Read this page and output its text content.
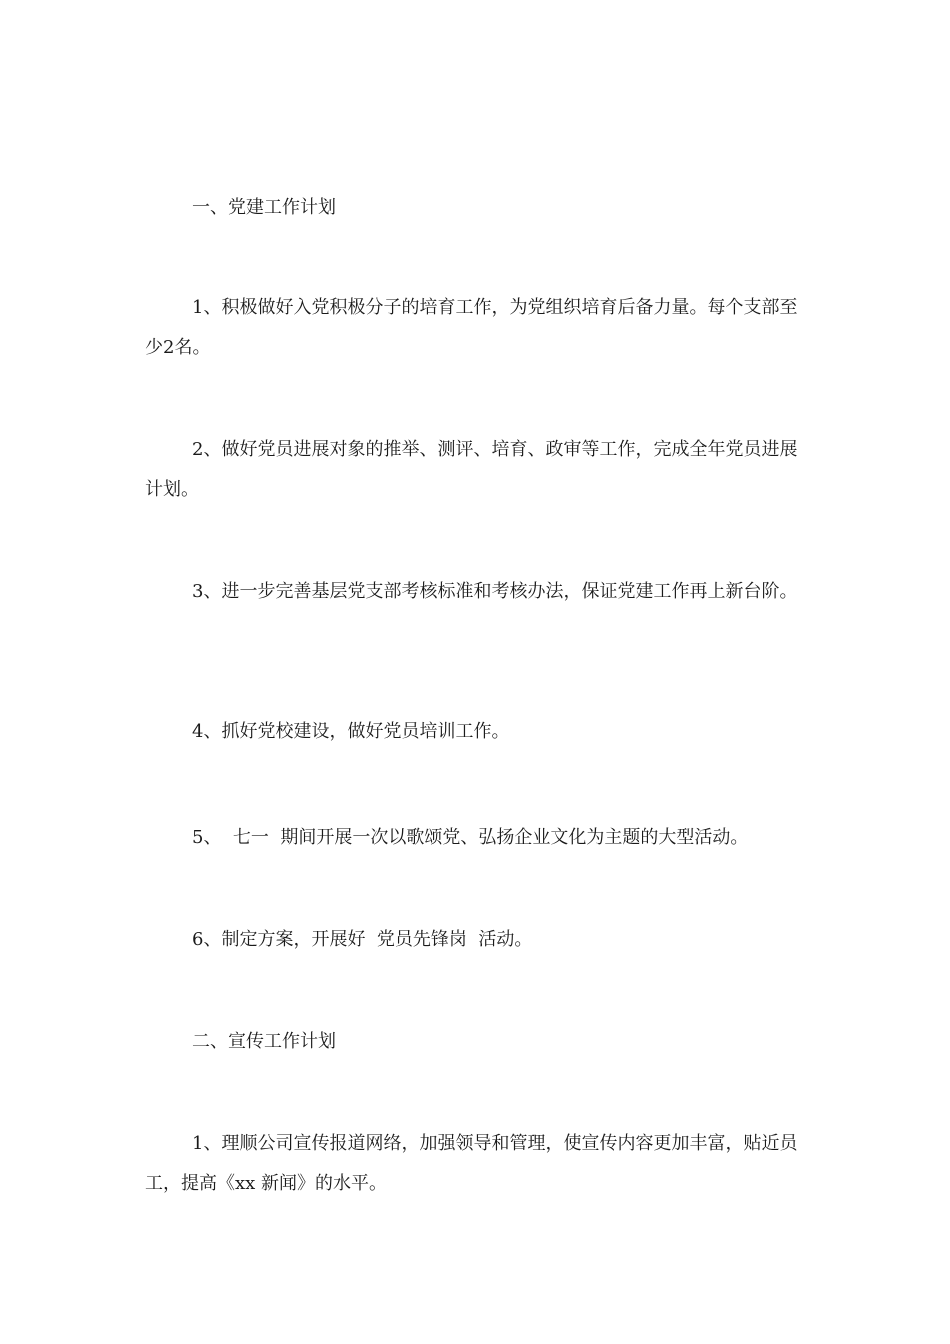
一、党建工作计划

1、积极做好入党积极分子的培育工作，为党组织培育后备力量。每个支部至少2名。

2、做好党员进展对象的推举、测评、培育、政审等工作，完成全年党员进展计划。

3、进一步完善基层党支部考核标准和考核办法，保证党建工作再上新台阶。

4、抓好党校建设，做好党员培训工作。

5、  七一  期间开展一次以歌颂党、弘扬企业文化为主题的大型活动。

6、制定方案，开展好  党员先锋岗  活动。

二、宣传工作计划

1、理顺公司宣传报道网络，加强领导和管理，使宣传内容更加丰富，贴近员工，提高《xx 新闻》的水平。
